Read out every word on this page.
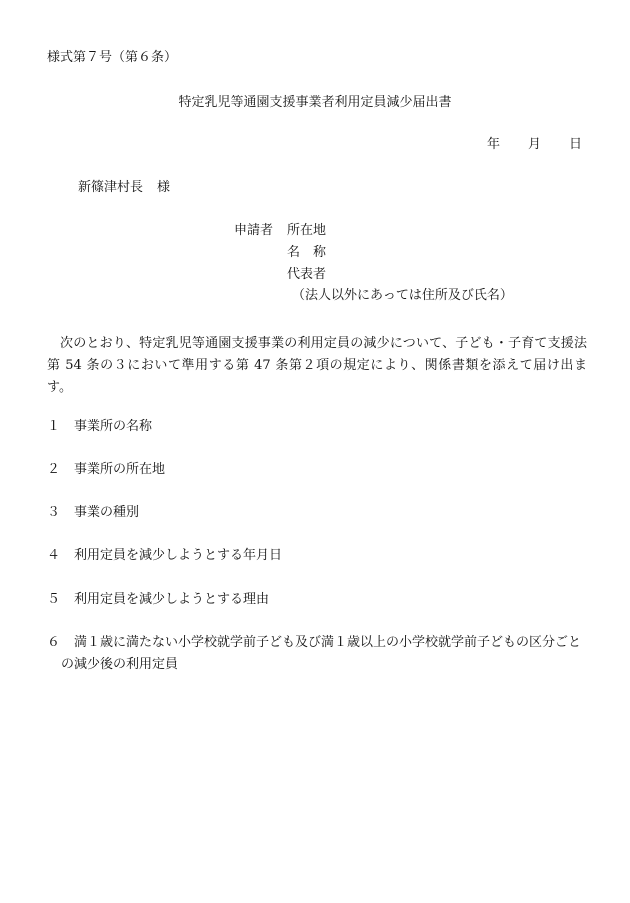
様式第７号（第６条）
特定乳児等通園支援事業者利用定員減少届出書
年 月 日
新篠津村長 様
申請者 所在地
名　称
代表者
（法人以外にあっては住所及び氏名）
次のとおり、特定乳児等通園支援事業の利用定員の減少について、子ども・子育て支援法第 54 条の３において準用する第 47 条第２項の規定により、関係書類を添えて届け出ます。
１	事業所の名称
２	事業所の所在地
３	事業の種別
４	利用定員を減少しようとする年月日
５	利用定員を減少しようとする理由
６	満１歳に満たない小学校就学前子ども及び満１歳以上の小学校就学前子どもの区分ごとの減少後の利用定員
